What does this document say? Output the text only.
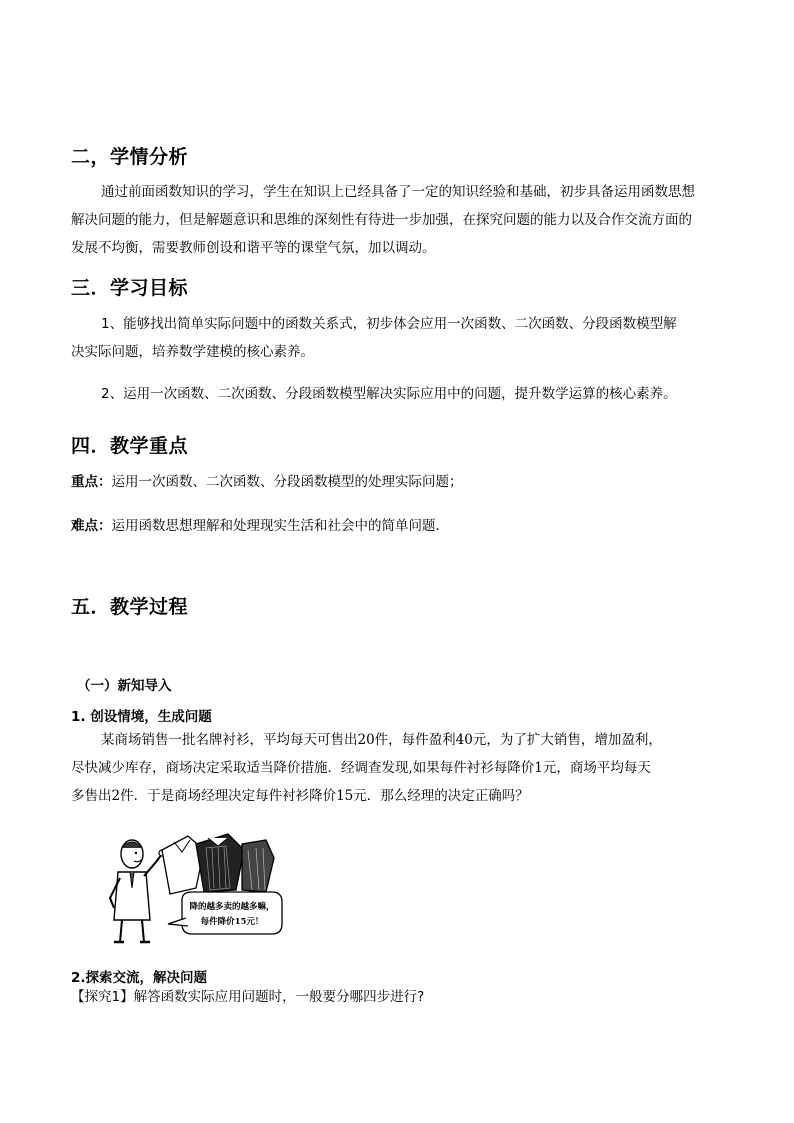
二，学情分析
通过前面函数知识的学习，学生在知识上已经具备了一定的知识经验和基础，初步具备运用函数思想
解决问题的能力，但是解题意识和思维的深刻性有待进一步加强，在探究问题的能力以及合作交流方面的
发展不均衡，需要教师创设和谐平等的课堂气氛，加以调动。
三．学习目标
1、能够找出简单实际问题中的函数关系式，初步体会应用一次函数、二次函数、分段函数模型解
决实际问题，培养数学建模的核心素养。
2、运用一次函数、二次函数、分段函数模型解决实际应用中的问题，提升数学运算的核心素养。
四．教学重点
重点：运用一次函数、二次函数、分段函数模型的处理实际问题；
难点：运用函数思想理解和处理现实生活和社会中的简单问题．
五．教学过程
（一）新知导入
1. 创设情境，生成问题
某商场销售一批名牌衬衫，平均每天可售出20件，每件盈利40元，为了扩大销售，增加盈利，
尽快减少库存，商场决定采取适当降价措施．经调查发现,如果每件衬衫每降价1元，商场平均每天
多售出2件．于是商场经理决定每件衬衫降价15元．那么经理的决定正确吗？
降的越多卖的越多嘛，
每件降价15元！
2.探索交流，解决问题
【探究1】解答函数实际应用问题时，一般要分哪四步进行?
